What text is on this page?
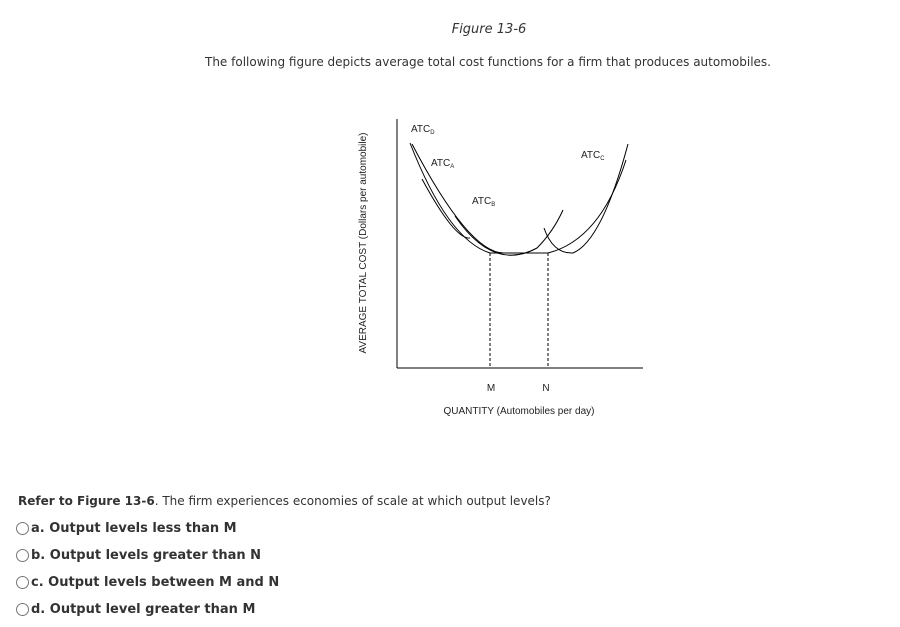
Figure 13-6
The following figure depicts average total cost functions for a firm that produces automobiles.
AVERAGE TOTAL COST (Dollars per automobile)
$ATC_D$
$ATC_A$
$ATC_B$
$ATC_C$
M	N
QUANTITY (Automobiles per day)
Refer to Figure 13-6. The firm experiences economies of scale at which output levels?
a. Output levels less than M
b. Output levels greater than N
c. Output levels between M and N
d. Output level greater than M
